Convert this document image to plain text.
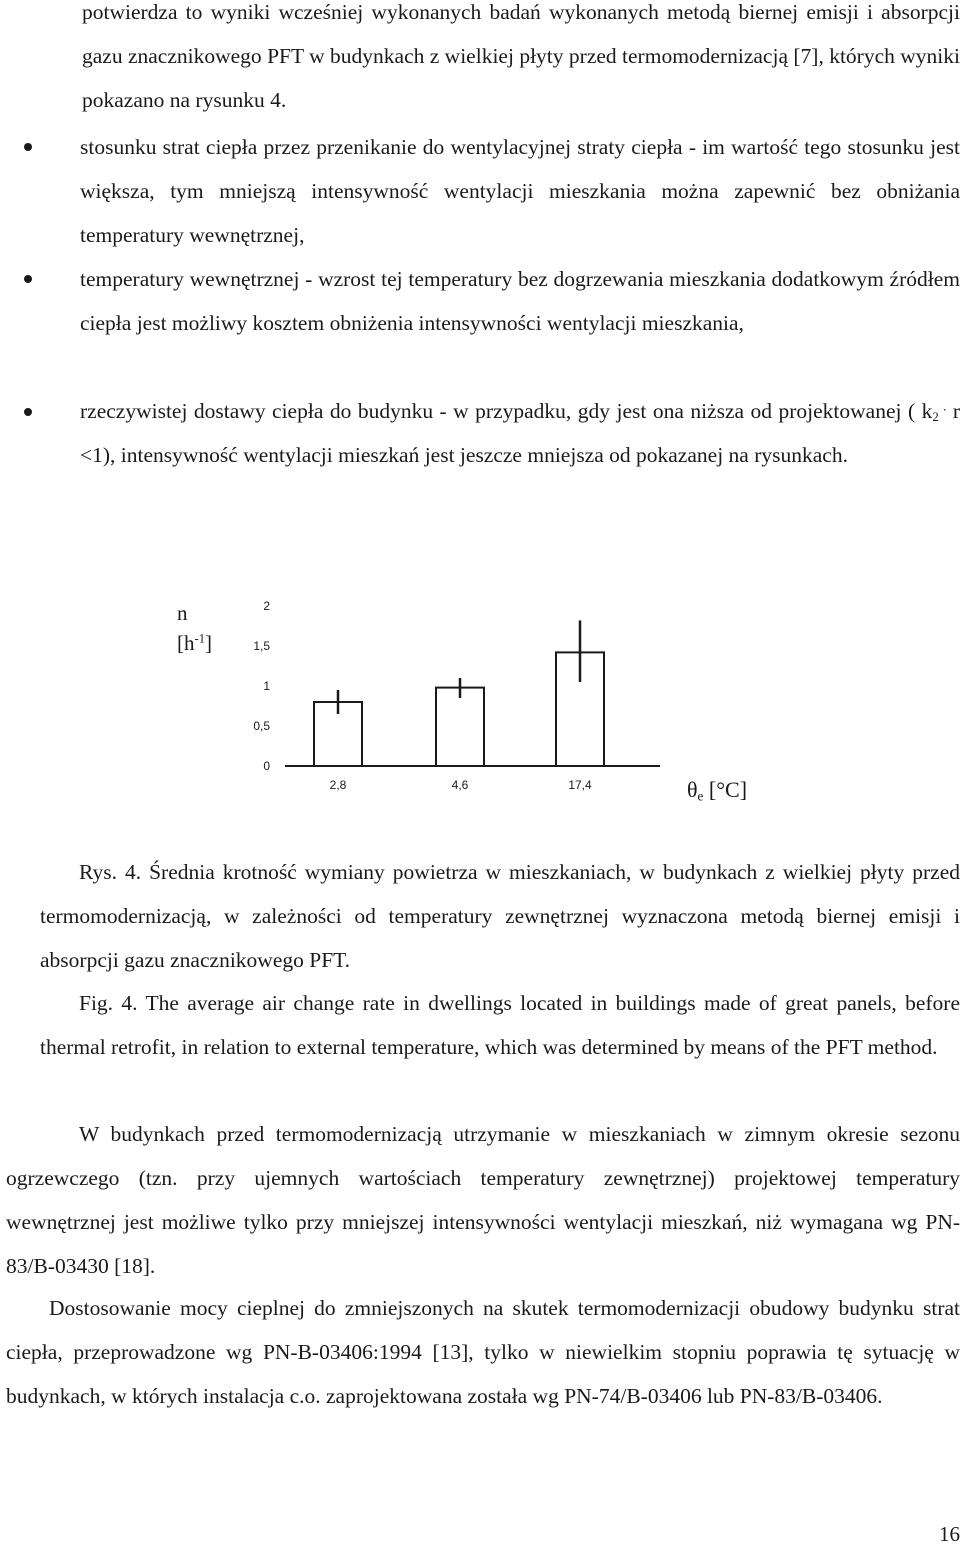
potwierdza to wyniki wcześniej wykonanych badań wykonanych metodą biernej emisji i absorpcji gazu znacznikowego PFT w budynkach z wielkiej płyty przed termomodernizacją [7], których wyniki pokazano na rysunku 4.

stosunku strat ciepła przez przenikanie do wentylacyjnej straty ciepła - im wartość tego stosunku jest większa, tym mniejszą intensywność wentylacji mieszkania można zapewnić bez obniżania temperatury wewnętrznej,

temperatury wewnętrznej - wzrost tej temperatury bez dogrzewania mieszkania dodatkowym źródłem ciepła jest możliwy kosztem obniżenia intensywności wentylacji mieszkania,

rzeczywistej dostawy ciepła do budynku - w przypadku, gdy jest ona niższa od projektowanej ( $k_2$ . r <1), intensywność wentylacji mieszkań jest jeszcze mniejsza od pokazanej na rysunkach.

n

$[h^{-1}]$

0
0,5
1
1,5
2
2,8	4,6	17,4	$\theta_e$ [°C]

Rys. 4. Średnia krotność wymiany powietrza w mieszkaniach, w budynkach z wielkiej płyty przed termomodernizacją, w zależności od temperatury zewnętrznej wyznaczona metodą biernej emisji i absorpcji gazu znacznikowego PFT.

Fig. 4. The average air change rate in dwellings located in buildings made of great panels, before thermal retrofit, in relation to external temperature, which was determined by means of the PFT method.

W budynkach przed termomodernizacją utrzymanie w mieszkaniach w zimnym okresie sezonu ogrzewczego (tzn. przy ujemnych wartościach temperatury zewnętrznej) projektowej temperatury wewnętrznej jest możliwe tylko przy mniejszej intensywności wentylacji mieszkań, niż wymagana wg PN-83/B-03430 [18].

Dostosowanie mocy cieplnej do zmniejszonych na skutek termomodernizacji obudowy budynku strat ciepła, przeprowadzone wg PN-B-03406:1994 [13], tylko w niewielkim stopniu poprawia tę sytuację w budynkach, w których instalacja c.o. zaprojektowana została wg PN-74/B-03406 lub PN-83/B-03406.

16
